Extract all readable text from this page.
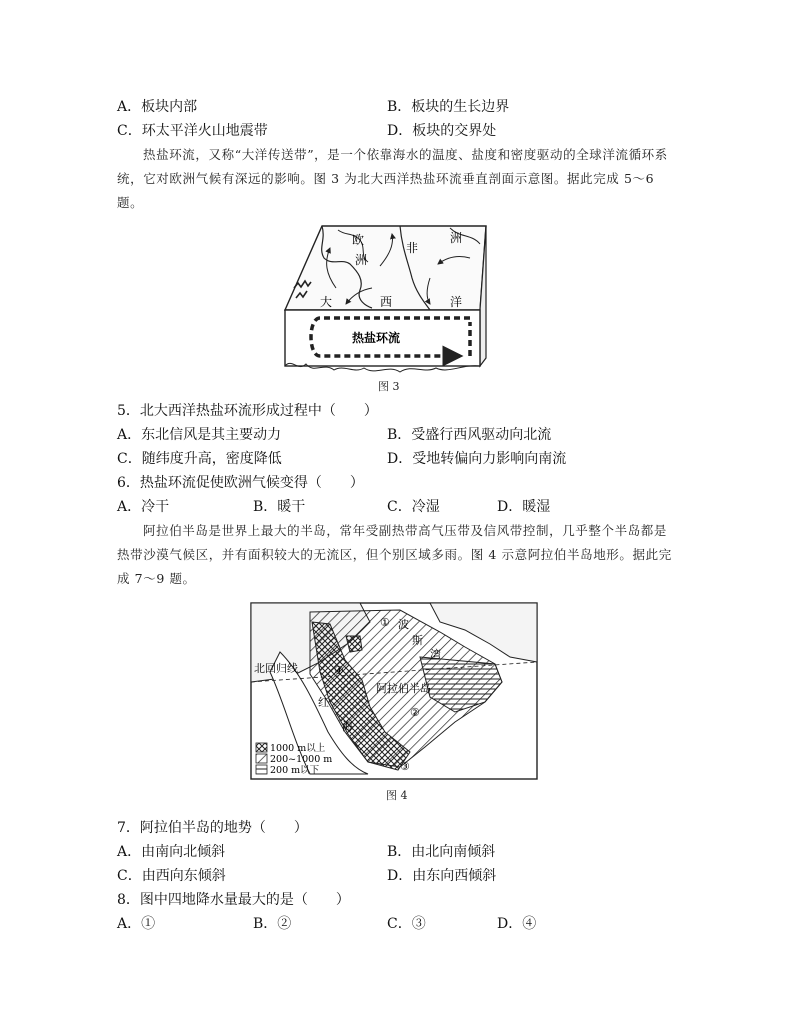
A．板块内部	B．板块的生长边界
C．环太平洋火山地震带	D．板块的交界处
热盐环流，又称“大洋传送带”，是一个依靠海水的温度、盐度和密度驱动的全球洋流循环系统，它对欧洲气候有深远的影响。图 3 为北大西洋热盐环流垂直剖面示意图。据此完成 5～6 题。
欧
洲
非
洲
大	西	洋
热盐环流
图 3
5．北大西洋热盐环流形成过程中（　　）
A．东北信风是其主要动力	B．受盛行西风驱动向北流
C．随纬度升高，密度降低	D．受地转偏向力影响向南流
6．热盐环流促使欧洲气候变得（　　）
A．冷干	B．暖干	C．冷湿	D．暖湿
阿拉伯半岛是世界上最大的半岛，常年受副热带高气压带及信风带控制，几乎整个半岛都是热带沙漠气候区，并有面积较大的无流区，但个别区域多雨。图 4 示意阿拉伯半岛地形。据此完成 7～9 题。
1000 m以上
200~1000 m
200 m以下
北回归线
阿拉伯半岛
① 波
斯
湾
④
②
③
红
海
图 4
7．阿拉伯半岛的地势（　　）
A．由南向北倾斜	B．由北向南倾斜
C．由西向东倾斜	D．由东向西倾斜
8．图中四地降水量最大的是（　　）
A．①	B．②	C．③	D．④
